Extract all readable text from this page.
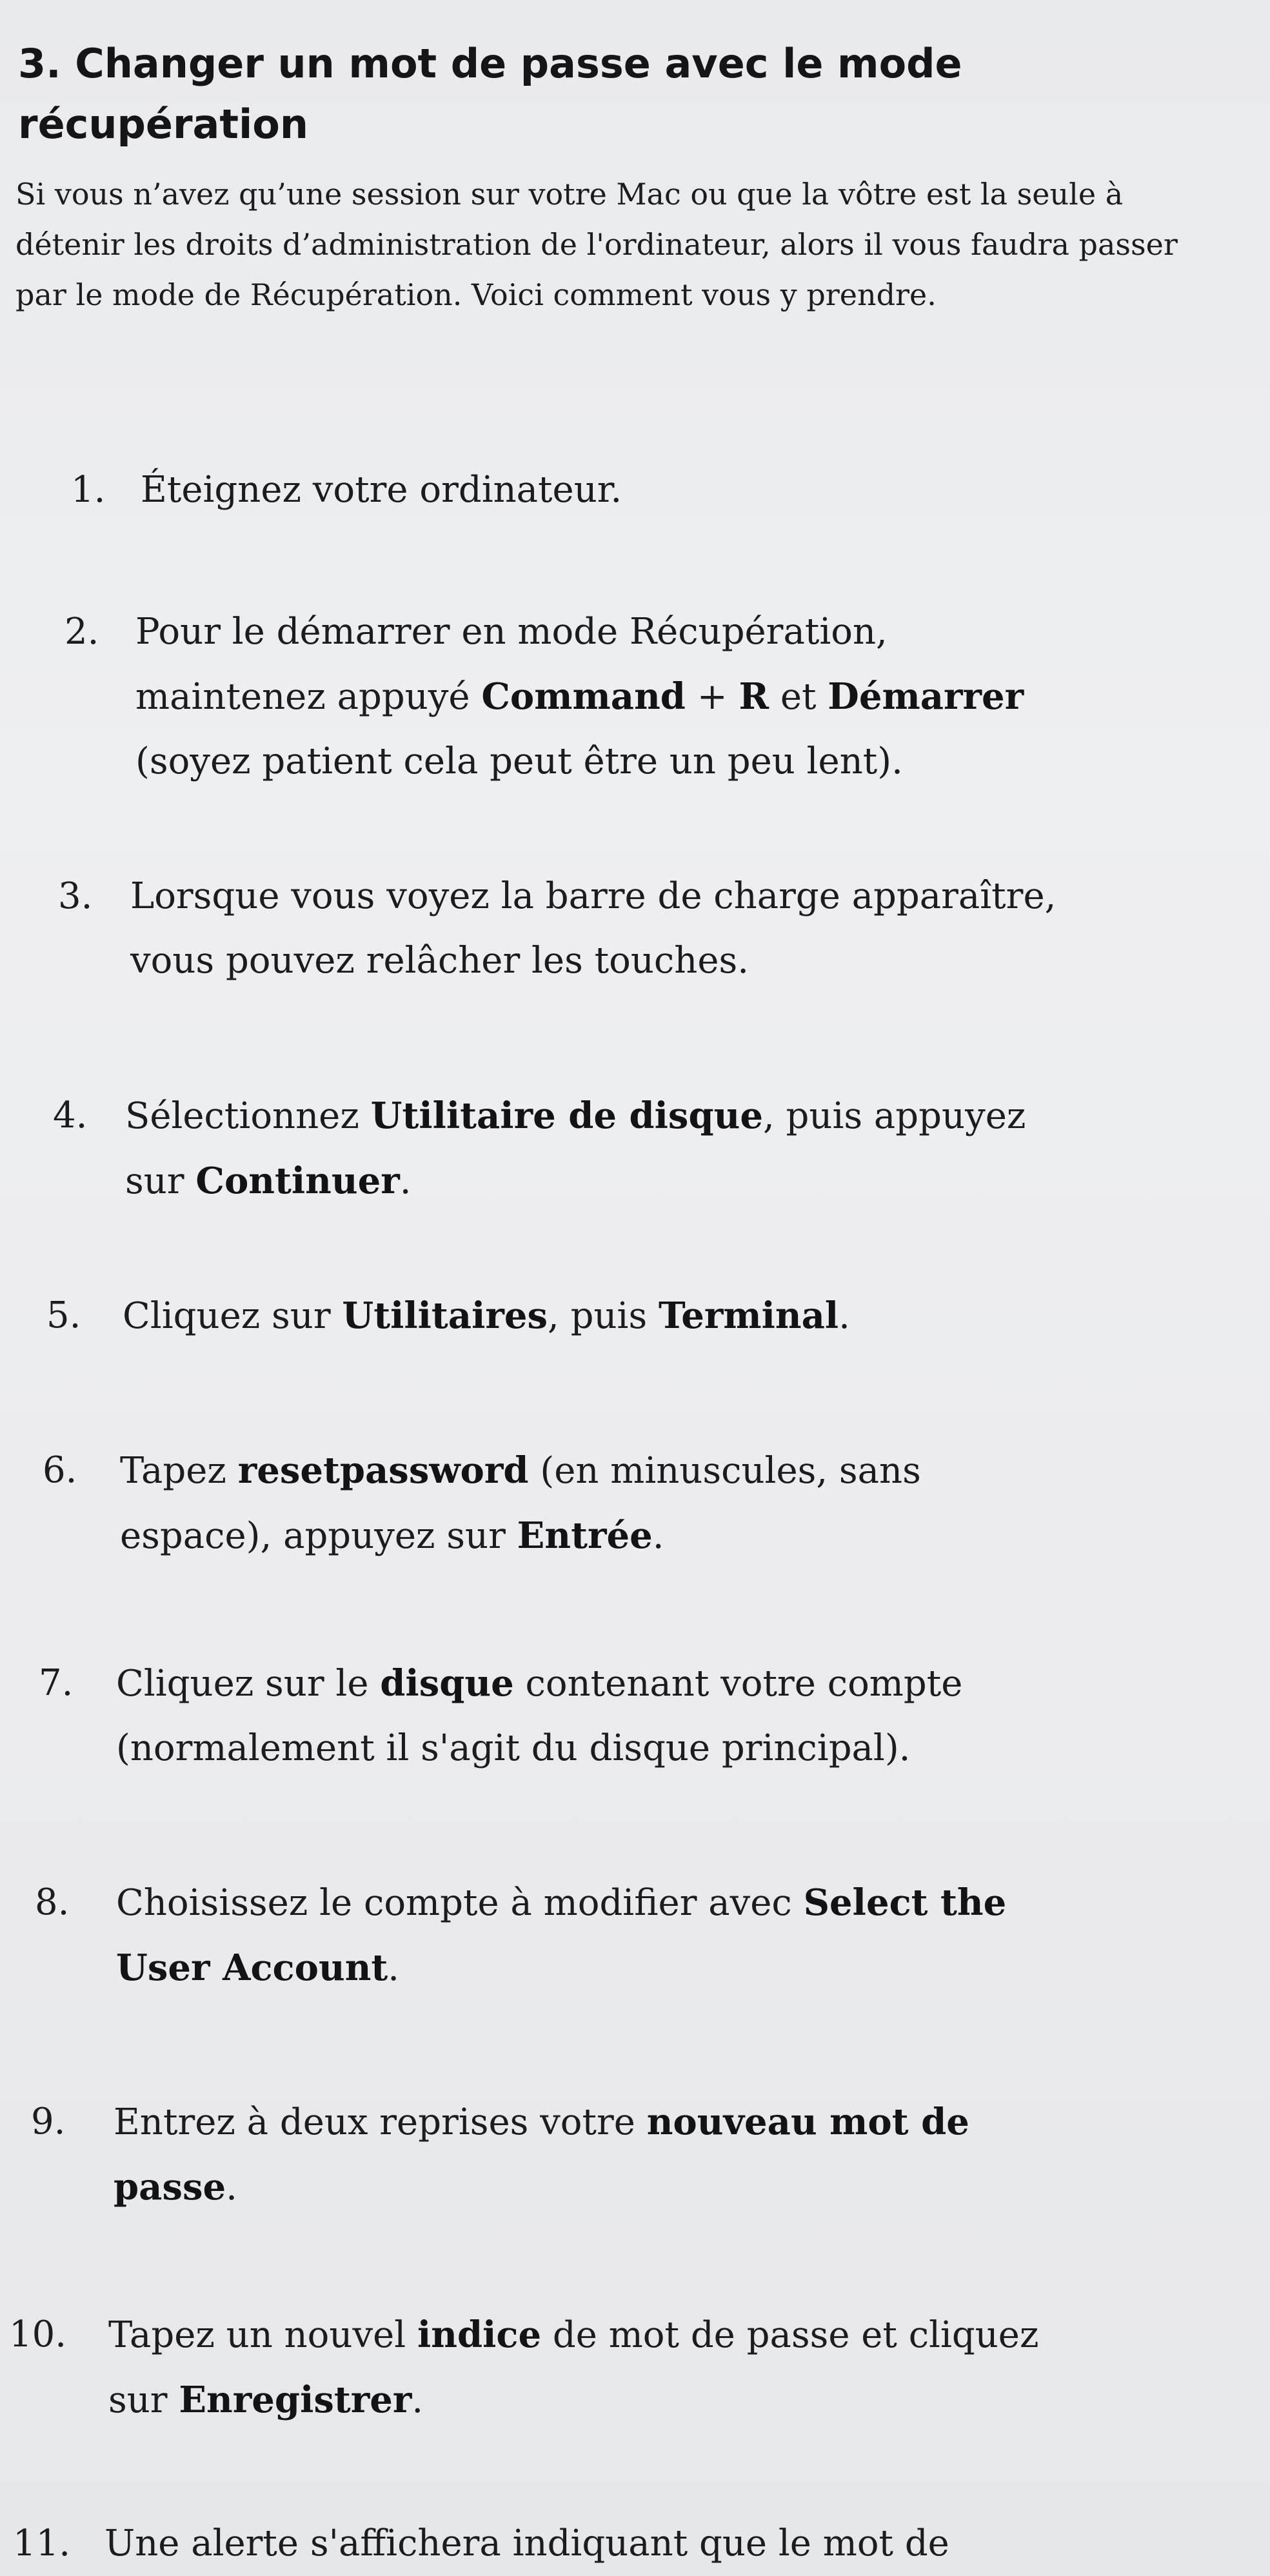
3. Changer un mot de passe avec le mode récupération

Si vous n’avez qu’une session sur votre Mac ou que la vôtre est la seule à détenir les droits d’administration de l'ordinateur, alors il vous faudra passer par le mode de Récupération. Voici comment vous y prendre.

1. Éteignez votre ordinateur.
2. Pour le démarrer en mode Récupération,
maintenez appuyé Command + R et Démarrer
(soyez patient cela peut être un peu lent).
3. Lorsque vous voyez la barre de charge apparaître,
vous pouvez relâcher les touches.
4. Sélectionnez Utilitaire de disque, puis appuyez
sur Continuer.
5. Cliquez sur Utilitaires, puis Terminal.
6. Tapez resetpassword (en minuscules, sans
espace), appuyez sur Entrée.
7. Cliquez sur le disque contenant votre compte
(normalement il s'agit du disque principal).
8. Choisissez le compte à modifier avec Select the
User Account.
9. Entrez à deux reprises votre nouveau mot de
passe.
10. Tapez un nouvel indice de mot de passe et cliquez
sur Enregistrer.
11. Une alerte s'affichera indiquant que le mot de
